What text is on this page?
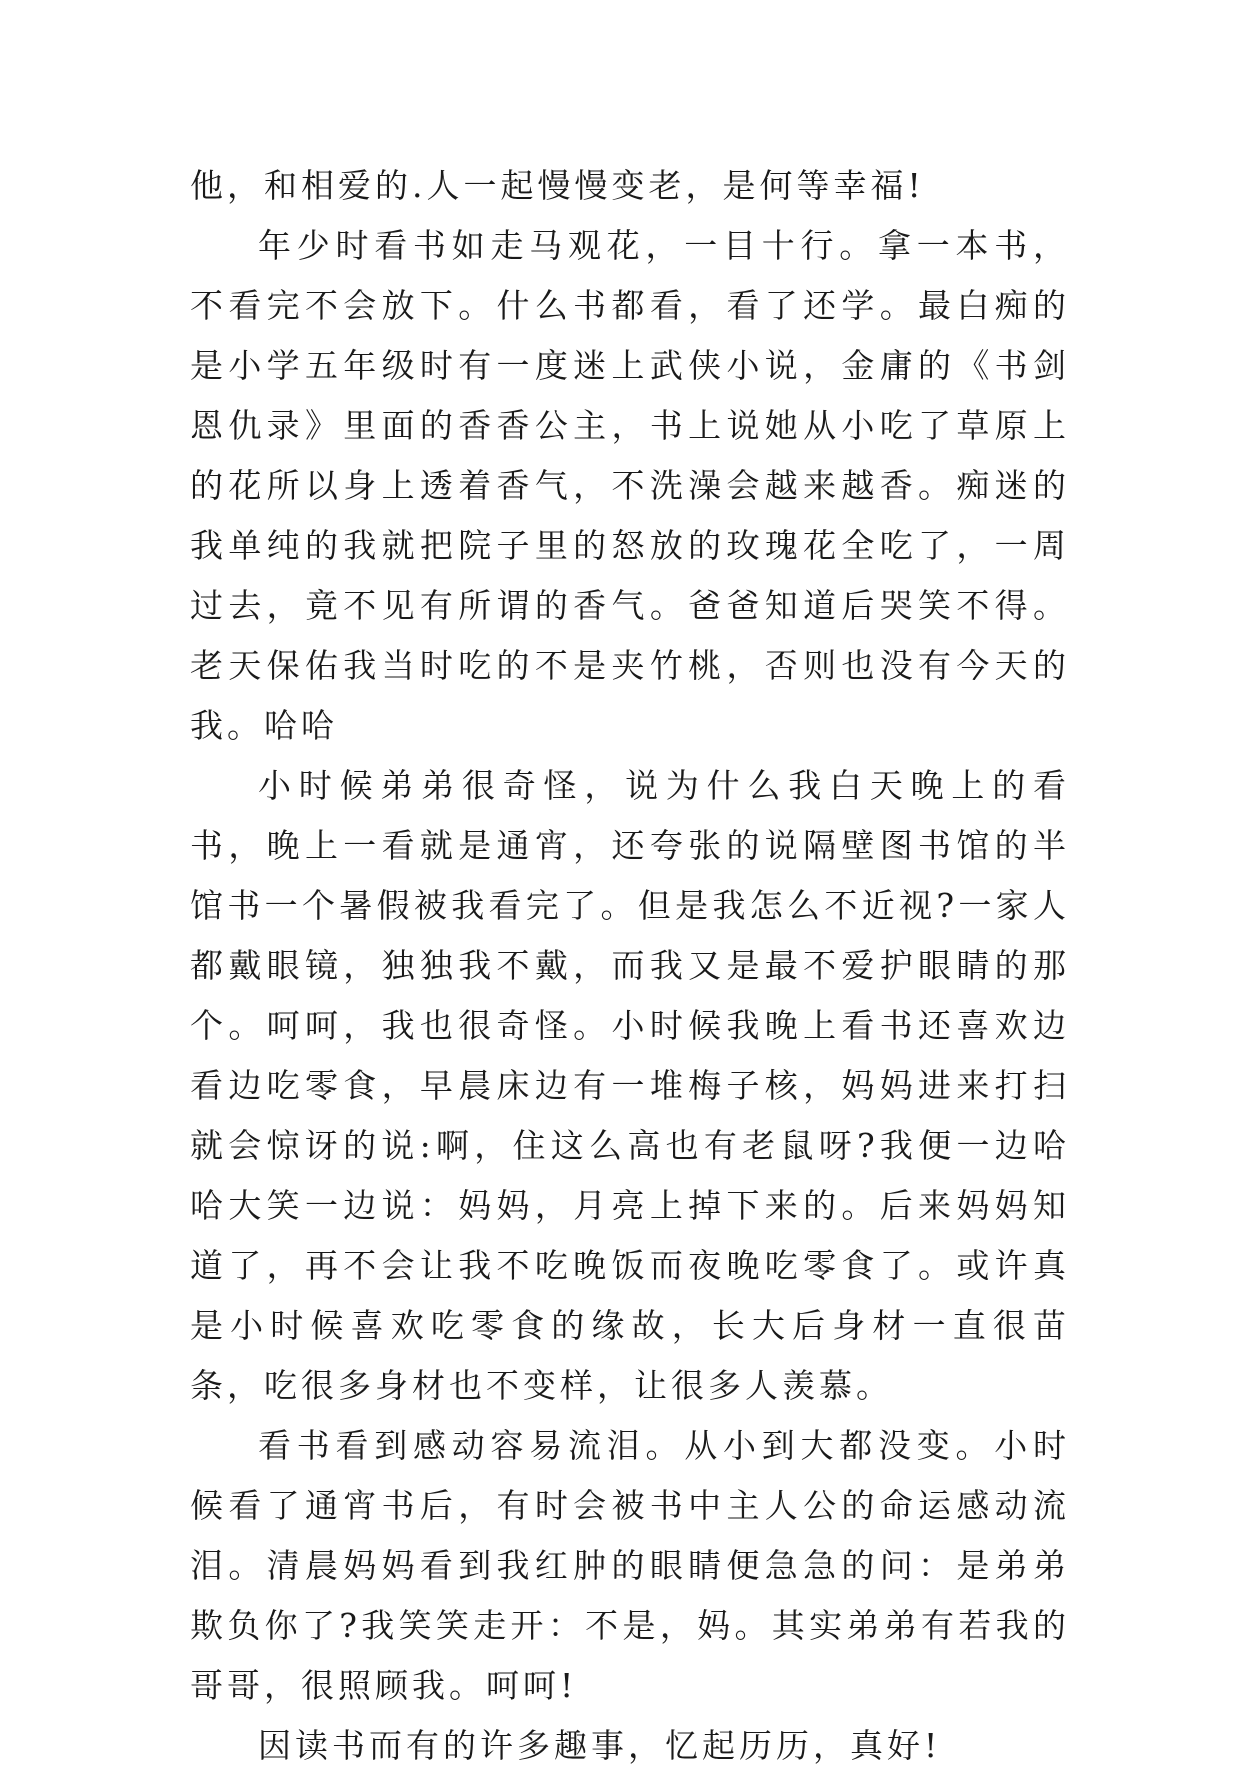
他，和相爱的.人一起慢慢变老，是何等幸福!

年少时看书如走马观花，一目十行。拿一本书，不看完不会放下。什么书都看，看了还学。最白痴的是小学五年级时有一度迷上武侠小说，金庸的《书剑恩仇录》里面的香香公主，书上说她从小吃了草原上的花所以身上透着香气，不洗澡会越来越香。痴迷的我单纯的我就把院子里的怒放的玫瑰花全吃了，一周过去，竟不见有所谓的香气。爸爸知道后哭笑不得。老天保佑我当时吃的不是夹竹桃，否则也没有今天的我。哈哈

小时候弟弟很奇怪，说为什么我白天晚上的看书，晚上一看就是通宵，还夸张的说隔壁图书馆的半馆书一个暑假被我看完了。但是我怎么不近视?一家人都戴眼镜，独独我不戴，而我又是最不爱护眼睛的那个。呵呵，我也很奇怪。小时候我晚上看书还喜欢边看边吃零食，早晨床边有一堆梅子核，妈妈进来打扫就会惊讶的说:啊，住这么高也有老鼠呀?我便一边哈哈大笑一边说：妈妈，月亮上掉下来的。后来妈妈知道了，再不会让我不吃晚饭而夜晚吃零食了。或许真是小时候喜欢吃零食的缘故，长大后身材一直很苗条，吃很多身材也不变样，让很多人羡慕。

看书看到感动容易流泪。从小到大都没变。小时候看了通宵书后，有时会被书中主人公的命运感动流泪。清晨妈妈看到我红肿的眼睛便急急的问：是弟弟欺负你了?我笑笑走开：不是，妈。其实弟弟有若我的哥哥，很照顾我。呵呵!

因读书而有的许多趣事，忆起历历，真好!
